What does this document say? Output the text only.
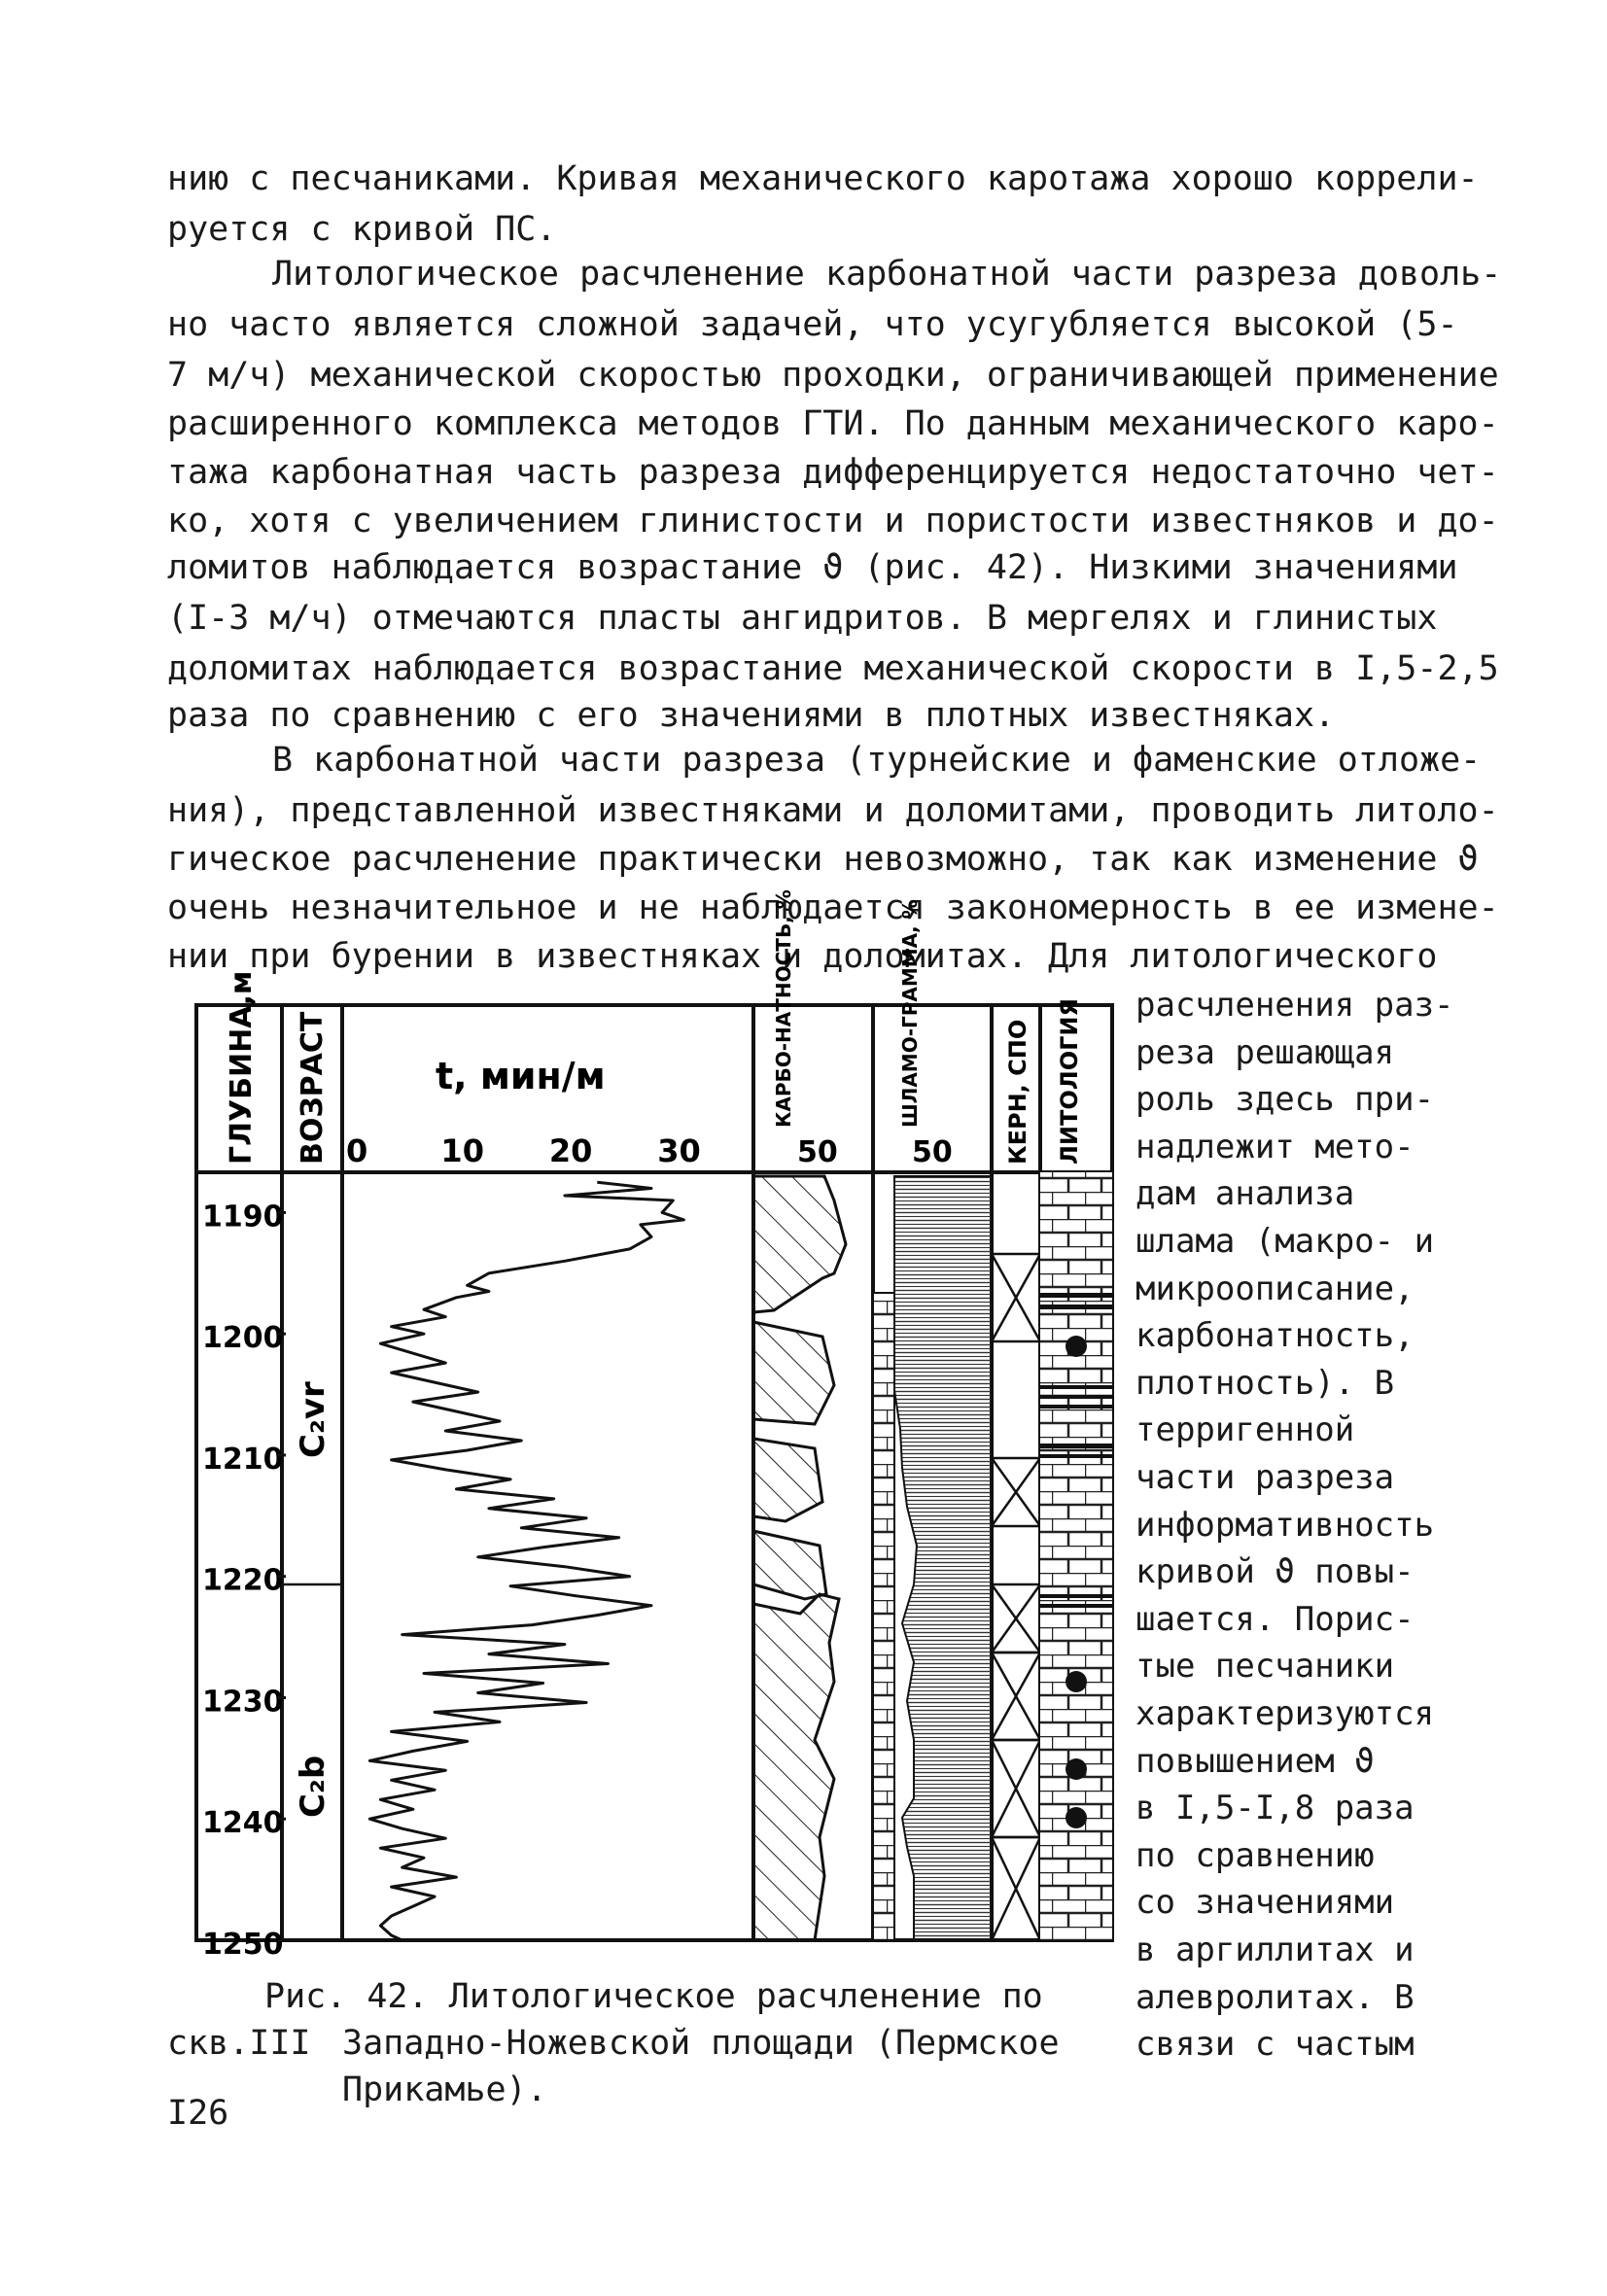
нию с песчаниками. Кривая механического каротажа хорошо коррели-
руется с кривой ПС.
Литологическое расчленение карбонатной части разреза доволь-
но часто является сложной задачей, что усугубляется высокой (5-
7 м/ч) механической скоростью проходки, ограничивающей применение
расширенного комплекса методов ГТИ. По данным механического каро-
тажа карбонатная часть разреза дифференцируется недостаточно чет-
ко, хотя с увеличением глинистости и пористости известняков и до-
ломитов наблюдается возрастание ϑ (рис. 42). Низкими значениями
(I-3 м/ч) отмечаются пласты ангидритов. В мергелях и глинистых
доломитах наблюдается возрастание механической скорости в I,5-2,5
раза по сравнению с его значениями в плотных известняках.
В карбонатной части разреза (турнейские и фаменские отложе-
ния), представленной известняками и доломитами, проводить литоло-
гическое расчленение практически невозможно, так как изменение ϑ
очень незначительное и не наблюдается закономерность в ее измене-
нии при бурении в известняках и доломитах. Для литологического
расчленения раз-
реза решающая
роль здесь при-
надлежит мето-
дам анализа
шлама (макро- и
микроописание,
карбонатность,
плотность). В
терригенной
части разреза
информативность
кривой ϑ повы-
шается. Порис-
тые песчаники
характеризуются
повышением ϑ
в I,5-I,8 раза
по сравнению
со значениями
в аргиллитах и
алевролитах. В
связи с частым
ГЛУБИНА,м ВОЗРАСТ	t, мин/м
0 10 20 30
КАРБО-НАТНОСТЬ, %
50
ШЛАМО-ГРАММА, %
50 КЕРН, СПО ЛИТОЛОГИЯ
1190
1200
1210
1220
1230
1240
1250
C₂vr
C₂b
Рис. 42. Литологическое расчленение по
скв.III Западно-Ножевской площади (Пермское
Прикамье).
I26
